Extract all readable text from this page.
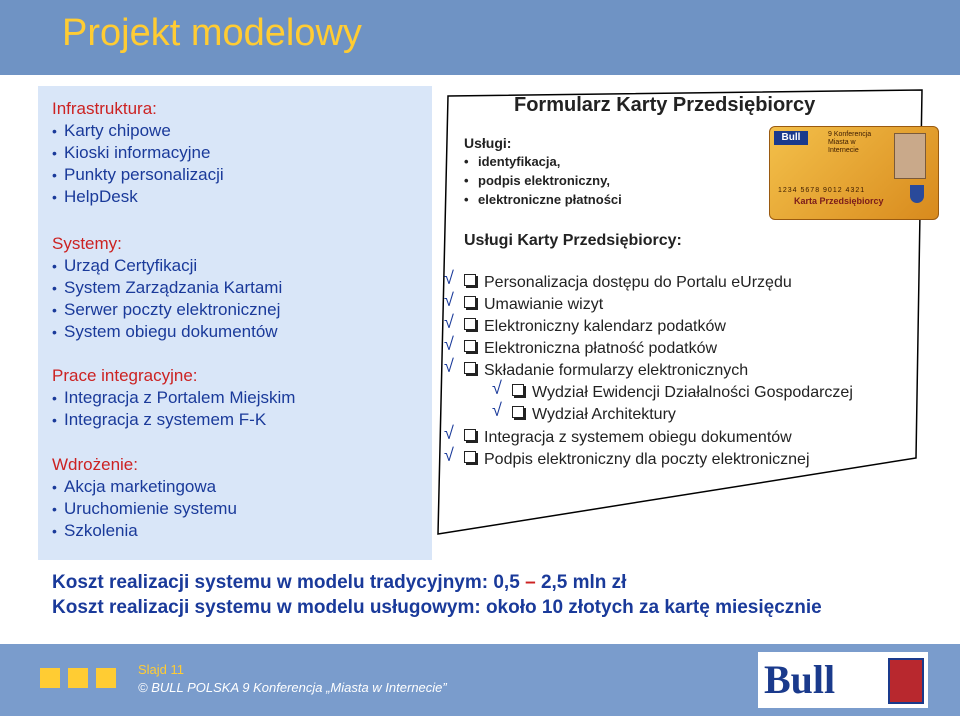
Projekt modelowy
Infrastruktura:
• Karty chipowe
• Kioski informacyjne
• Punkty personalizacji
• HelpDesk
Systemy:
• Urząd Certyfikacji
• System Zarządzania Kartami
• Serwer poczty elektronicznej
• System obiegu dokumentów
Prace integracyjne:
• Integracja z Portalem Miejskim
• Integracja z systemem F-K
Wdrożenie:
• Akcja marketingowa
• Uruchomienie systemu
• Szkolenia
Formularz Karty Przedsiębiorcy
Usługi:
• identyfikacja,
• podpis elektroniczny,
• elektroniczne płatności
Bull	9 Konferencja Miasta w Internecie
1234 5678 9012 4321
Karta Przedsiębiorcy
Usługi Karty Przedsiębiorcy:
√ Personalizacja dostępu do Portalu eUrzędu
√ Umawianie wizyt
√ Elektroniczny kalendarz podatków
√ Elektroniczna płatność podatków
√ Składanie formularzy elektronicznych
√ Wydział Ewidencji Działalności Gospodarczej
√ Wydział Architektury
√ Integracja z systemem obiegu dokumentów
√ Podpis elektroniczny dla poczty elektronicznej
Koszt realizacji systemu w modelu tradycyjnym: 0,5 – 2,5 mln zł
Koszt realizacji systemu w modelu usługowym: około 10 złotych za kartę miesięcznie
Slajd 11
© BULL POLSKA 9 Konferencja „Miasta w Internecie”	Bull
